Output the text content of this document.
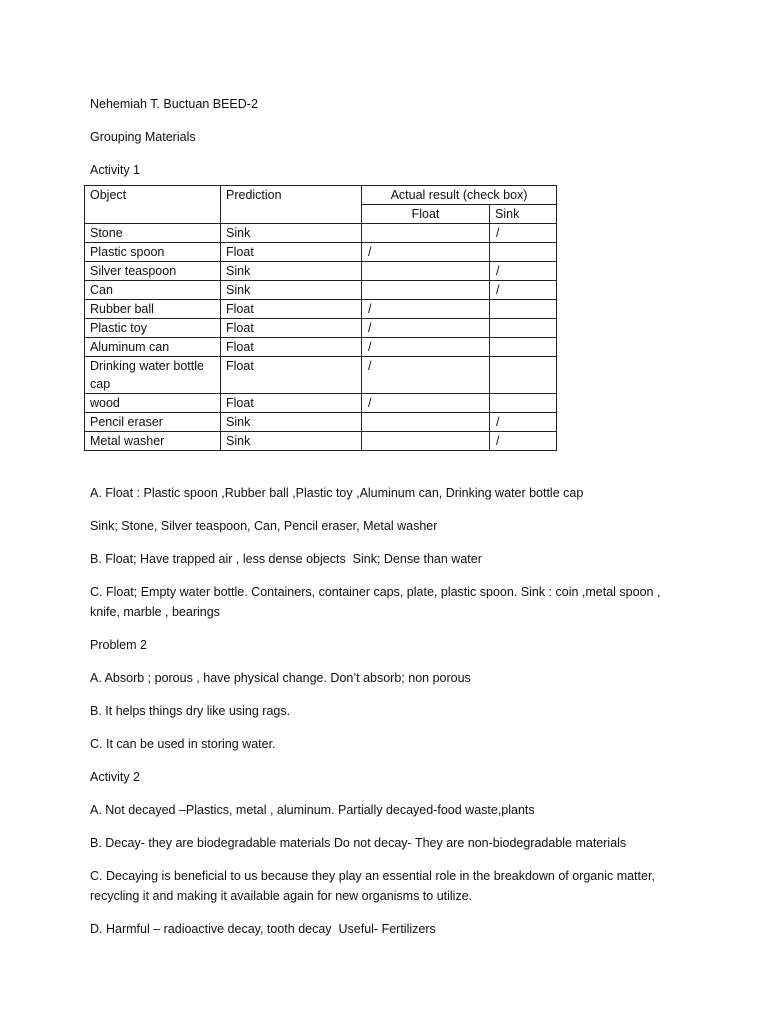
Nehemiah T. Buctuan BEED-2

Grouping Materials

Activity 1

Object	Prediction	Actual result (check box)	
		Float	Sink
Stone	Sink		/
Plastic spoon	Float	/	
Silver teaspoon	Sink		/
Can	Sink		/
Rubber ball	Float	/	
Plastic toy	Float	/	
Aluminum can	Float	/	
Drinking water bottle cap	Float	/	
wood	Float	/	
Pencil eraser	Sink		/
Metal washer	Sink		/

A. Float : Plastic spoon ,Rubber ball ,Plastic toy ,Aluminum can, Drinking water bottle cap

Sink; Stone, Silver teaspoon, Can, Pencil eraser, Metal washer

B. Float; Have trapped air , less dense objects  Sink; Dense than water

C. Float; Empty water bottle. Containers, container caps, plate, plastic spoon. Sink : coin ,metal spoon , knife, marble , bearings

Problem 2

A. Absorb ; porous , have physical change. Don’t absorb; non porous

B. It helps things dry like using rags.

C. It can be used in storing water.

Activity 2

A. Not decayed –Plastics, metal , aluminum. Partially decayed-food waste,plants

B. Decay- they are biodegradable materials Do not decay- They are non-biodegradable materials

C. Decaying is beneficial to us because they play an essential role in the breakdown of organic matter, recycling it and making it available again for new organisms to utilize.

D. Harmful – radioactive decay, tooth decay  Useful- Fertilizers
